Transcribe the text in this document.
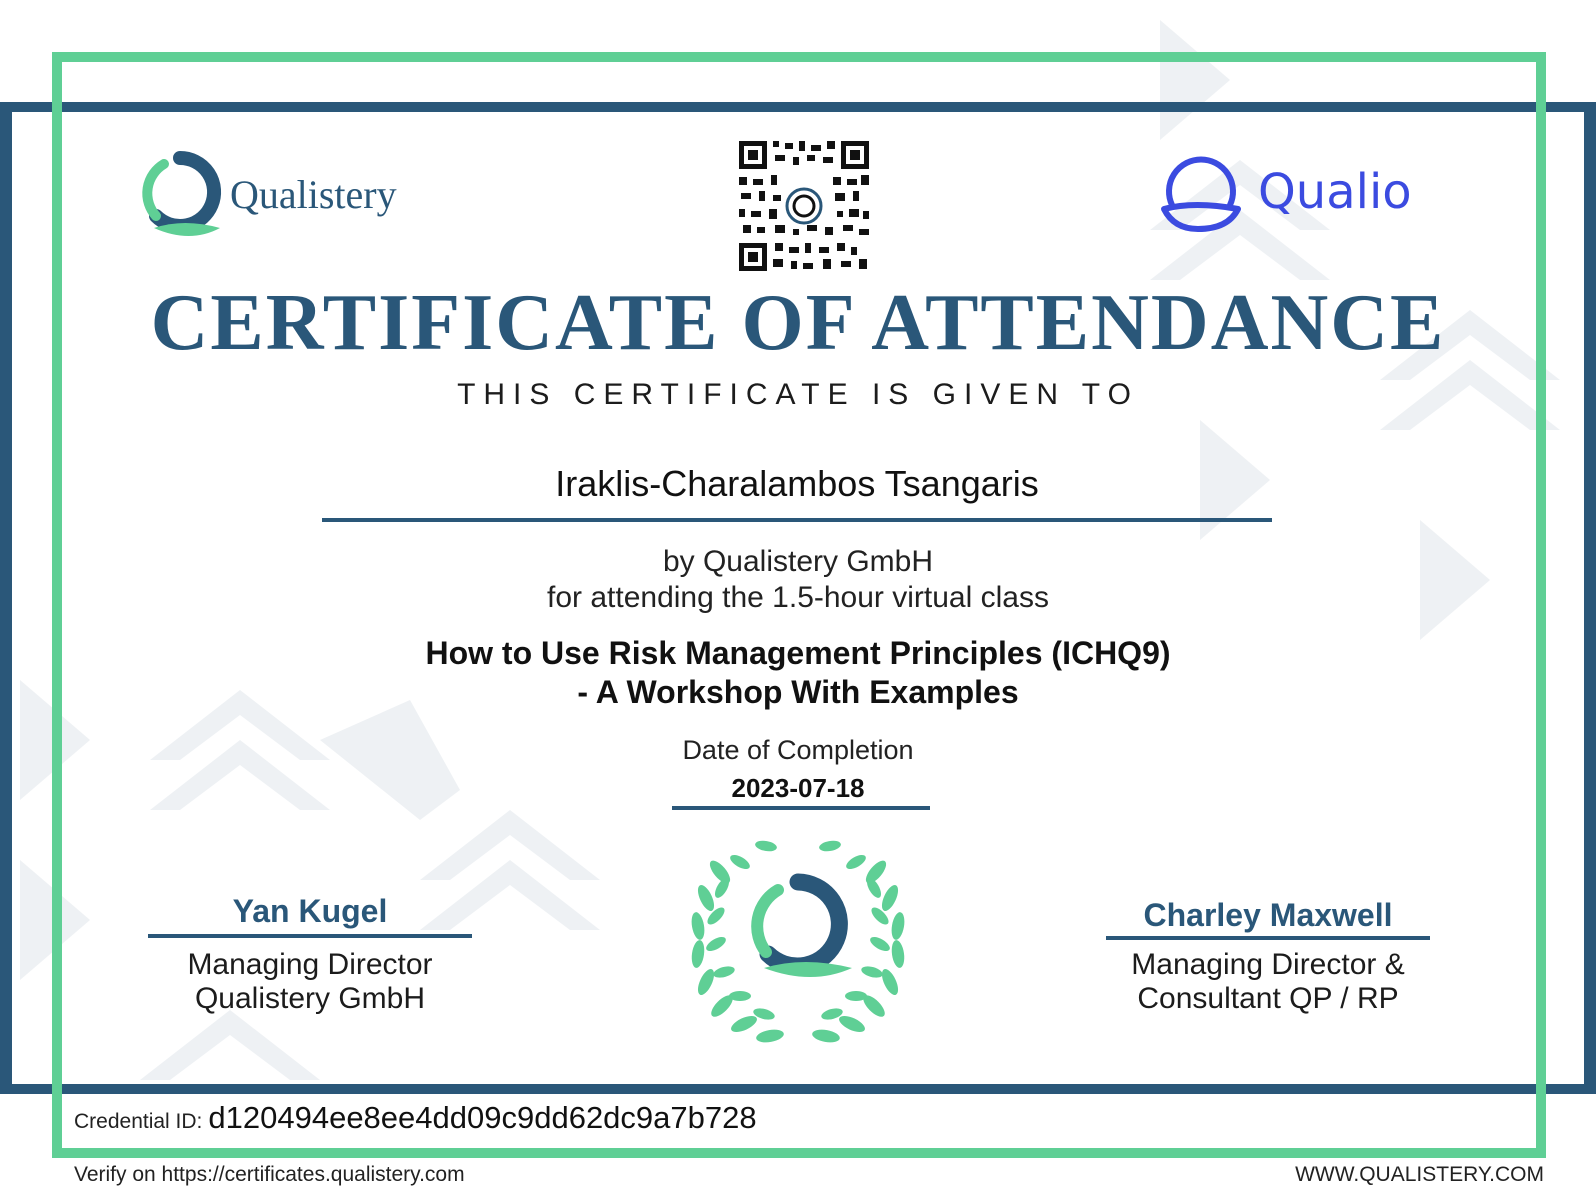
Qualistery	Qualio
CERTIFICATE OF ATTENDANCE
THIS CERTIFICATE IS GIVEN TO
Iraklis-Charalambos Tsangaris
by Qualistery GmbH
for attending the 1.5-hour virtual class
How to Use Risk Management Principles (ICHQ9)
- A Workshop With Examples
Date of Completion
2023-07-18
Yan Kugel
Managing Director
Qualistery GmbH
Charley Maxwell
Managing Director &
Consultant QP / RP
Credential ID: d120494ee8ee4dd09c9dd62dc9a7b728
Verify on https://certificates.qualistery.com	WWW.QUALISTERY.COM
